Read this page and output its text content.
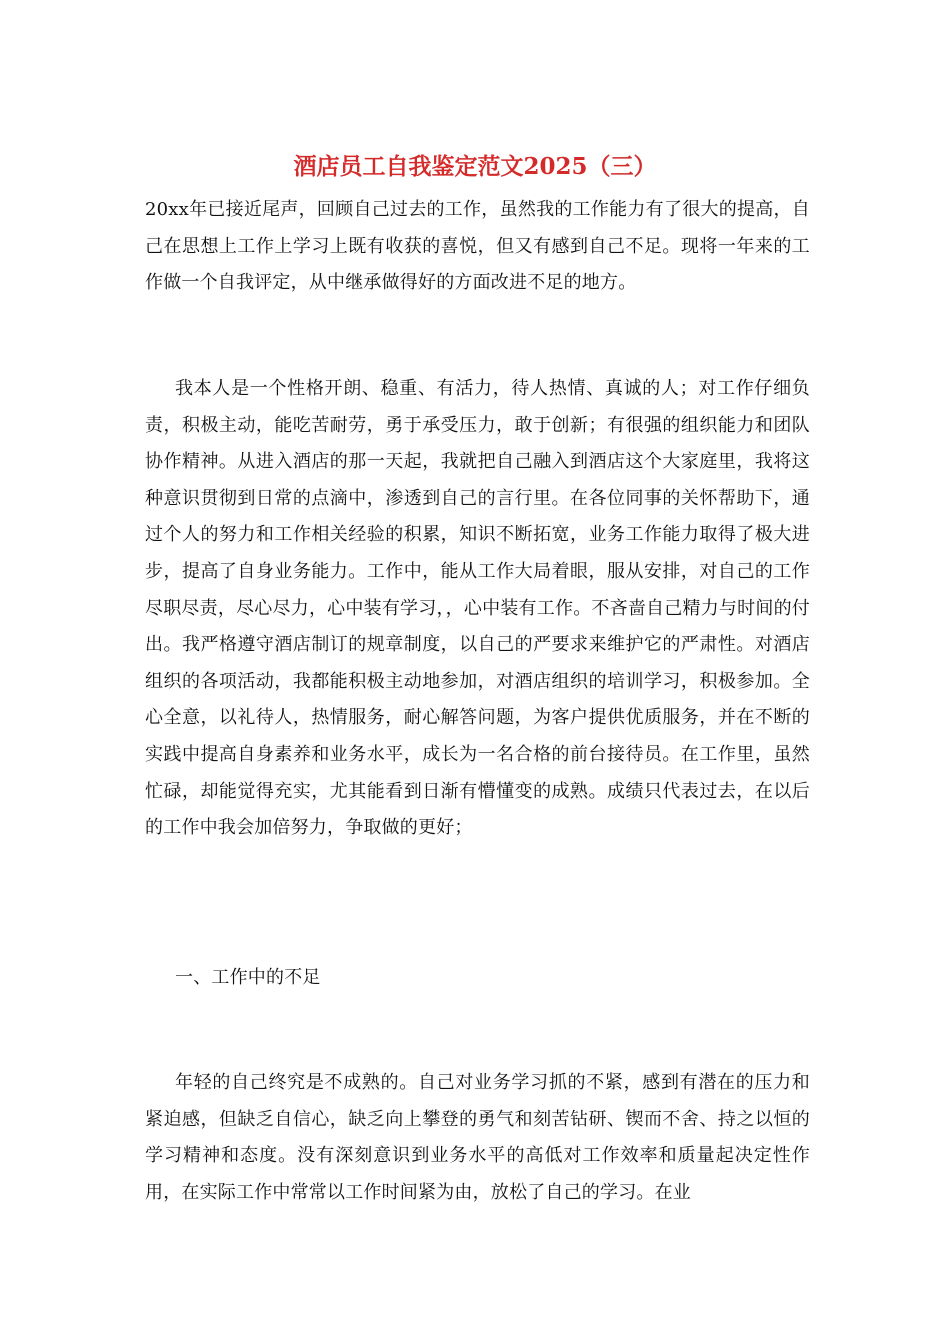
酒店员工自我鉴定范文2025（三）
20xx年已接近尾声，回顾自己过去的工作，虽然我的工作能力有了很大的提高，自己在思想上工作上学习上既有收获的喜悦，但又有感到自己不足。现将一年来的工作做一个自我评定，从中继承做得好的方面改进不足的地方。
我本人是一个性格开朗、稳重、有活力，待人热情、真诚的人；对工作仔细负责，积极主动，能吃苦耐劳，勇于承受压力，敢于创新；有很强的组织能力和团队协作精神。从进入酒店的那一天起，我就把自己融入到酒店这个大家庭里，我将这种意识贯彻到日常的点滴中，渗透到自己的言行里。在各位同事的关怀帮助下，通过个人的努力和工作相关经验的积累，知识不断拓宽，业务工作能力取得了极大进步，提高了自身业务能力。工作中，能从工作大局着眼，服从安排，对自己的工作尽职尽责，尽心尽力，心中装有学习，，心中装有工作。不吝啬自己精力与时间的付出。我严格遵守酒店制订的规章制度，以自己的严要求来维护它的严肃性。对酒店组织的各项活动，我都能积极主动地参加，对酒店组织的培训学习，积极参加。全心全意，以礼待人，热情服务，耐心解答问题，为客户提供优质服务，并在不断的实践中提高自身素养和业务水平，成长为一名合格的前台接待员。在工作里，虽然忙碌，却能觉得充实，尤其能看到日渐有懵懂变的成熟。成绩只代表过去，在以后的工作中我会加倍努力，争取做的更好；
一、工作中的不足
年轻的自己终究是不成熟的。自己对业务学习抓的不紧，感到有潜在的压力和紧迫感，但缺乏自信心，缺乏向上攀登的勇气和刻苦钻研、锲而不舍、持之以恒的学习精神和态度。没有深刻意识到业务水平的高低对工作效率和质量起决定性作用，在实际工作中常常以工作时间紧为由，放松了自己的学习。在业
